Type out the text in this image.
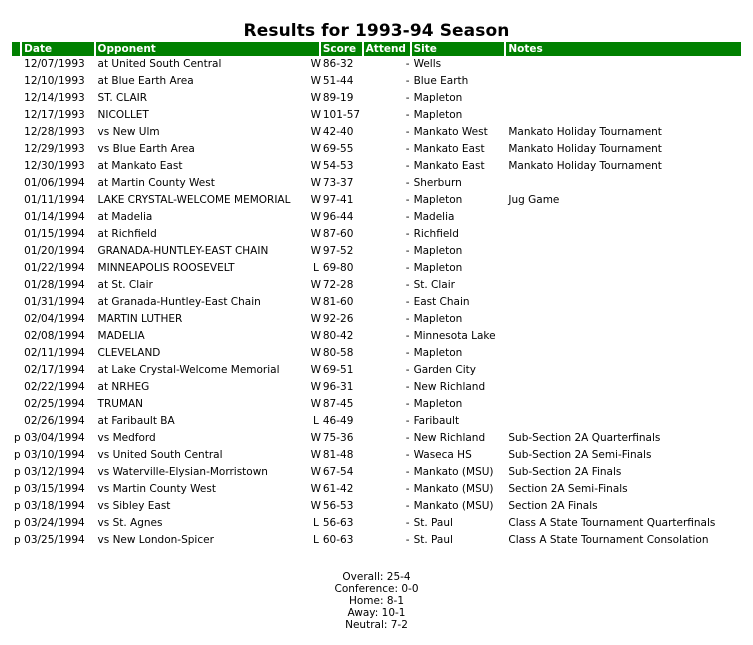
Results for 1993-94 Season
	Date	Opponent		Score	Attend	Site	Notes
	12/07/1993	at United South Central	W	86-32	-	Wells	
	12/10/1993	at Blue Earth Area	W	51-44	-	Blue Earth	
	12/14/1993	ST. CLAIR	W	89-19	-	Mapleton	
	12/17/1993	NICOLLET	W	101-57	-	Mapleton	
	12/28/1993	vs New Ulm	W	42-40	-	Mankato West	Mankato Holiday Tournament
	12/29/1993	vs Blue Earth Area	W	69-55	-	Mankato East	Mankato Holiday Tournament
	12/30/1993	at Mankato East	W	54-53	-	Mankato East	Mankato Holiday Tournament
	01/06/1994	at Martin County West	W	73-37	-	Sherburn	
	01/11/1994	LAKE CRYSTAL-WELCOME MEMORIAL	W	97-41	-	Mapleton	Jug Game
	01/14/1994	at Madelia	W	96-44	-	Madelia	
	01/15/1994	at Richfield	W	87-60	-	Richfield	
	01/20/1994	GRANADA-HUNTLEY-EAST CHAIN	W	97-52	-	Mapleton	
	01/22/1994	MINNEAPOLIS ROOSEVELT	L	69-80	-	Mapleton	
	01/28/1994	at St. Clair	W	72-28	-	St. Clair	
	01/31/1994	at Granada-Huntley-East Chain	W	81-60	-	East Chain	
	02/04/1994	MARTIN LUTHER	W	92-26	-	Mapleton	
	02/08/1994	MADELIA	W	80-42	-	Minnesota Lake	
	02/11/1994	CLEVELAND	W	80-58	-	Mapleton	
	02/17/1994	at Lake Crystal-Welcome Memorial	W	69-51	-	Garden City	
	02/22/1994	at NRHEG	W	96-31	-	New Richland	
	02/25/1994	TRUMAN	W	87-45	-	Mapleton	
	02/26/1994	at Faribault BA	L	46-49	-	Faribault	
p	03/04/1994	vs Medford	W	75-36	-	New Richland	Sub-Section 2A Quarterfinals
p	03/10/1994	vs United South Central	W	81-48	-	Waseca HS	Sub-Section 2A Semi-Finals
p	03/12/1994	vs Waterville-Elysian-Morristown	W	67-54	-	Mankato (MSU)	Sub-Section 2A Finals
p	03/15/1994	vs Martin County West	W	61-42	-	Mankato (MSU)	Section 2A Semi-Finals
p	03/18/1994	vs Sibley East	W	56-53	-	Mankato (MSU)	Section 2A Finals
p	03/24/1994	vs St. Agnes	L	56-63	-	St. Paul	Class A State Tournament Quarterfinals
p	03/25/1994	vs New London-Spicer	L	60-63	-	St. Paul	Class A State Tournament Consolation
Overall: 25-4
Conference: 0-0
Home: 8-1
Away: 10-1
Neutral: 7-2
